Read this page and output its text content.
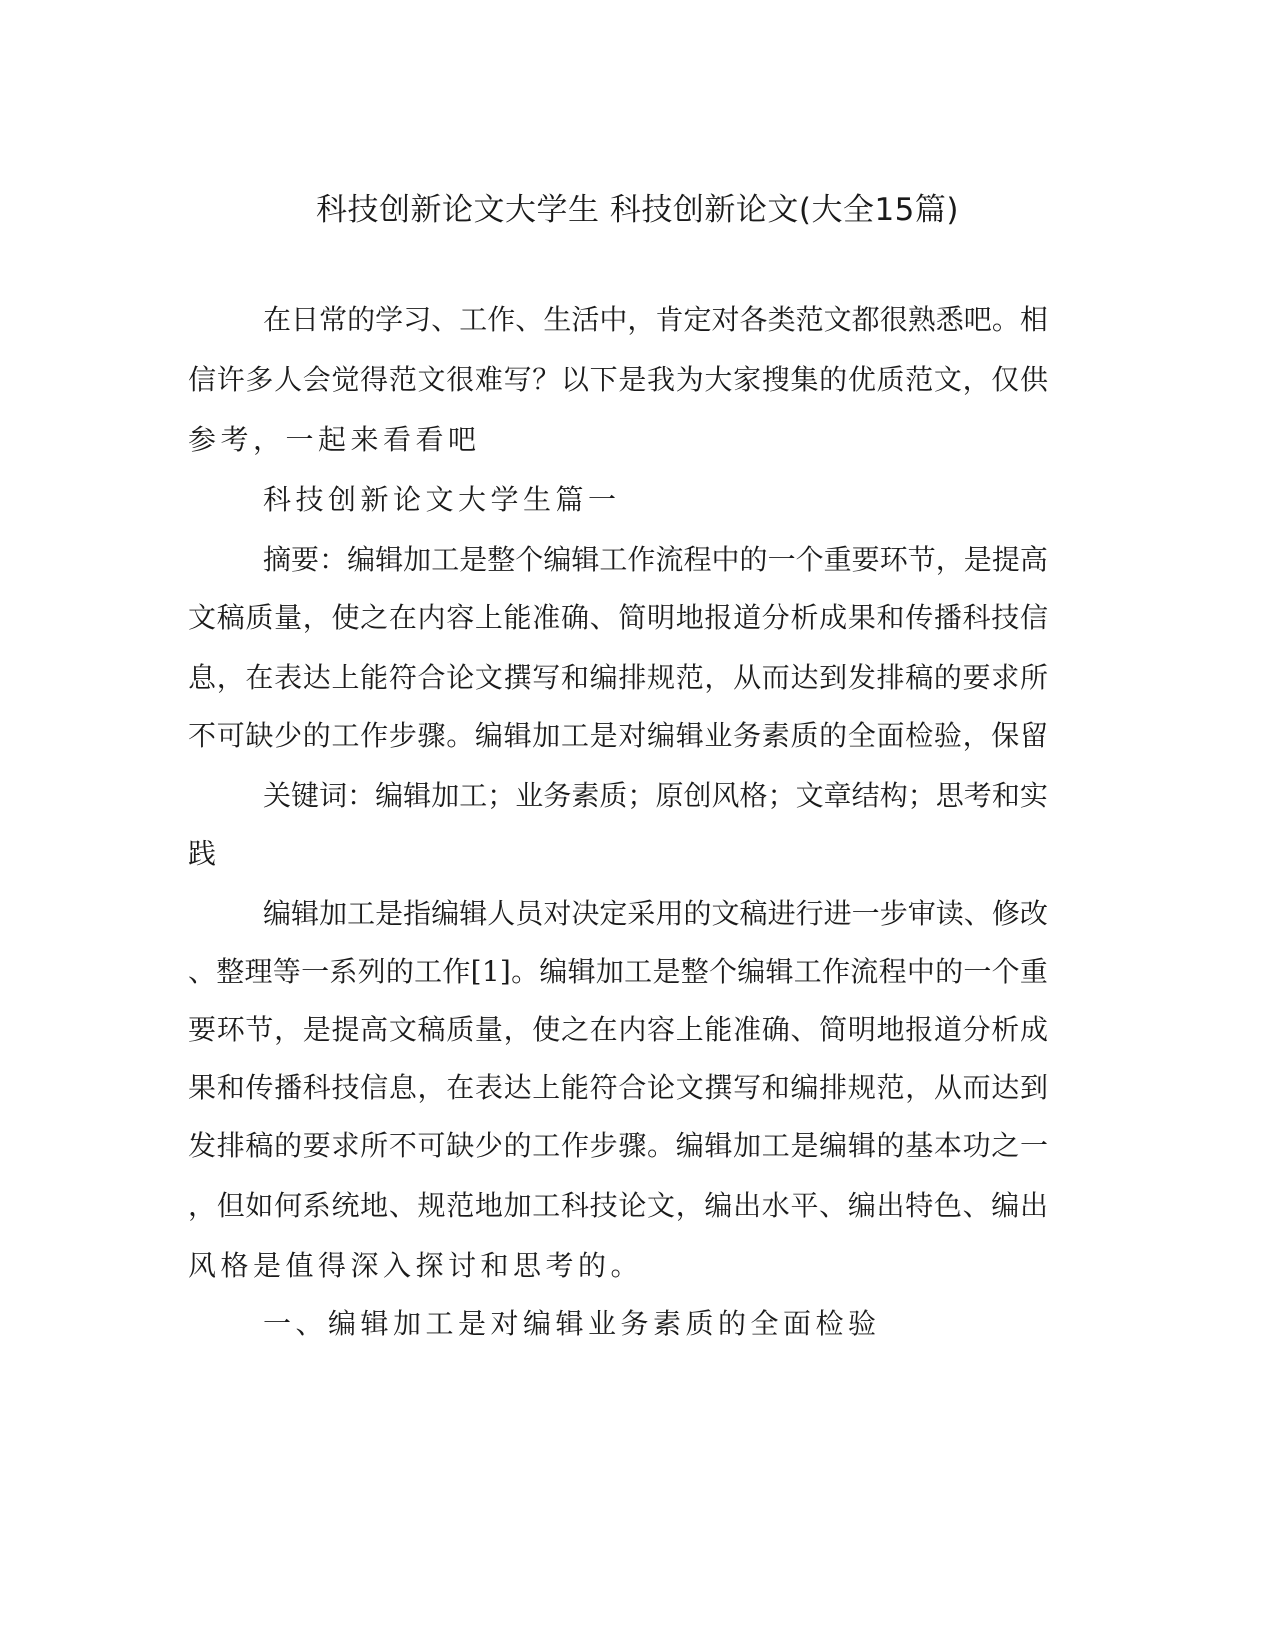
科技创新论文大学生 科技创新论文(大全15篇)
在 日 常 的 学 习 、 工 作 、 生 活 中 ， 肯 定 对 各 类 范 文 都 很 熟 悉 吧 。 相
信 许 多 人 会 觉 得 范 文 很 难 写 ？ 以 下 是 我 为 大 家 搜 集 的 优 质 范 文 ， 仅 供
参考，一起来看看吧
科技创新论文大学生篇一
摘 要 ： 编 辑 加 工 是 整 个 编 辑 工 作 流 程 中 的 一 个 重 要 环 节 ， 是 提 高
文 稿 质 量 ， 使 之 在 内 容 上 能 准 确 、 简 明 地 报 道 分 析 成 果 和 传 播 科 技 信
息 ， 在 表 达 上 能 符 合 论 文 撰 写 和 编 排 规 范 ， 从 而 达 到 发 排 稿 的 要 求 所
不 可 缺 少 的 工 作 步 骤 。 编 辑 加 工 是 对 编 辑 业 务 素 质 的 全 面 检 验 ， 保 留
关 键 词 ： 编 辑 加 工 ； 业 务 素 质 ； 原 创 风 格 ； 文 章 结 构 ； 思 考 和 实
践
编 辑 加 工 是 指 编 辑 人 员 对 决 定 采 用 的 文 稿 进 行 进 一 步 审 读 、 修 改
、 整 理 等 一 系 列 的 工 作 [ 1 ] 。 编 辑 加 工 是 整 个 编 辑 工 作 流 程 中 的 一 个 重
要 环 节 ， 是 提 高 文 稿 质 量 ， 使 之 在 内 容 上 能 准 确 、 简 明 地 报 道 分 析 成
果 和 传 播 科 技 信 息 ， 在 表 达 上 能 符 合 论 文 撰 写 和 编 排 规 范 ， 从 而 达 到
发 排 稿 的 要 求 所 不 可 缺 少 的 工 作 步 骤 。 编 辑 加 工 是 编 辑 的 基 本 功 之 一
， 但 如 何 系 统 地 、 规 范 地 加 工 科 技 论 文 ， 编 出 水 平 、 编 出 特 色 、 编 出
风格是值得深入探讨和思考的。
一、编辑加工是对编辑业务素质的全面检验
